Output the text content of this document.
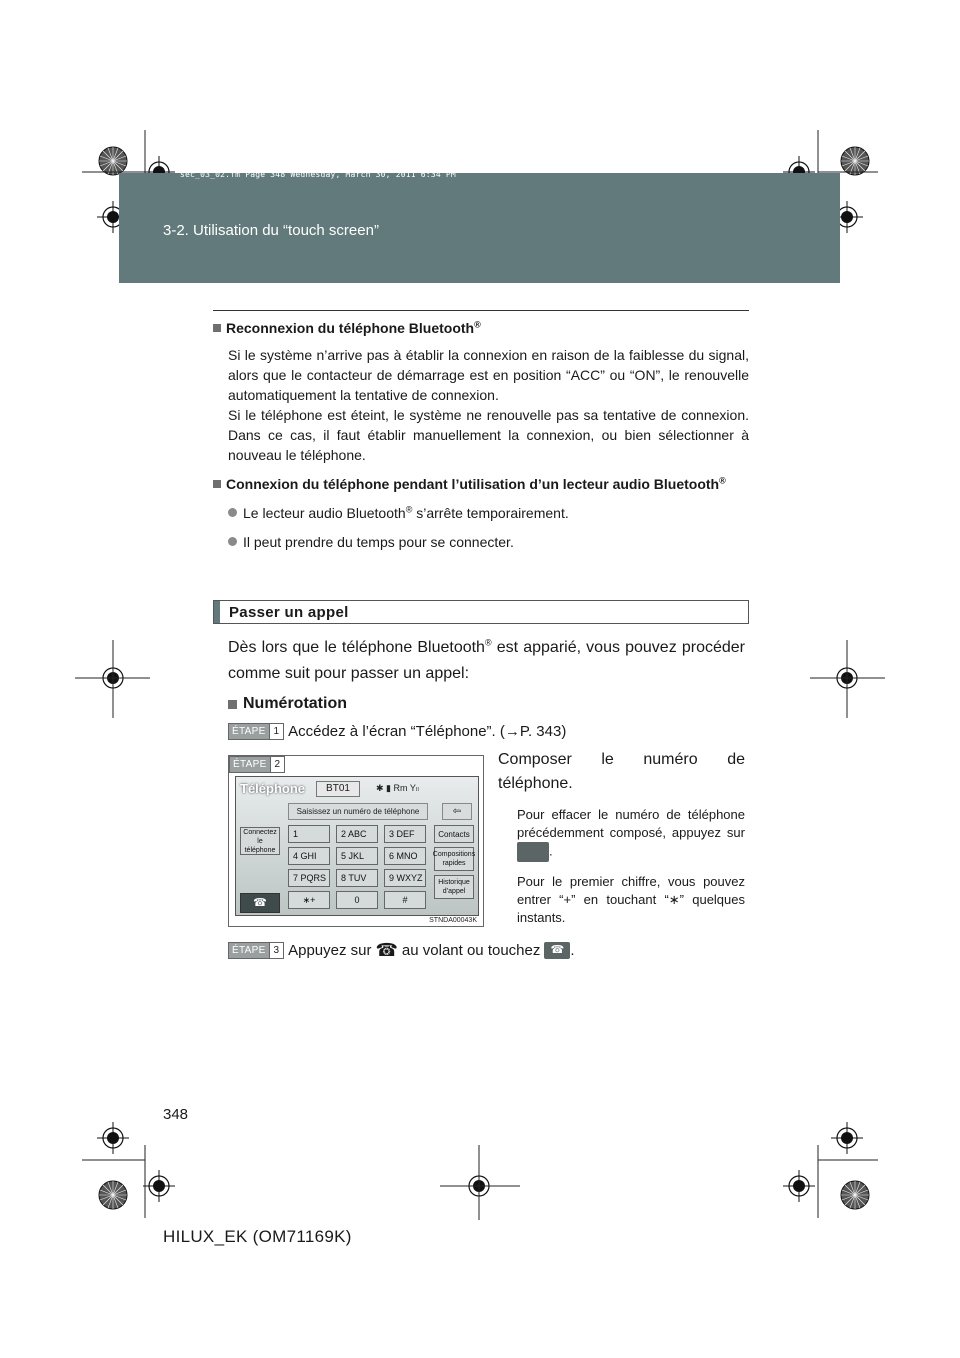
sec_03_02.fm Page 348 Wednesday, March 30, 2011 6:34 PM
3-2. Utilisation du “touch screen”
Reconnexion du téléphone Bluetooth®
Si le système n’arrive pas à établir la connexion en raison de la faiblesse du signal, alors que le contacteur de démarrage est en position “ACC” ou “ON”, le renouvelle automatiquement la tentative de connexion.
Si le téléphone est éteint, le système ne renouvelle pas sa tentative de connexion. Dans ce cas, il faut établir manuellement la connexion, ou bien sélectionner à nouveau le téléphone.
Connexion du téléphone pendant l’utilisation d’un lecteur audio Bluetooth®
Le lecteur audio Bluetooth® s’arrête temporairement.
Il peut prendre du temps pour se connecter.
Passer un appel
Dès lors que le téléphone Bluetooth® est apparié, vous pouvez procéder comme suit pour passer un appel:
Numérotation
ÉTAPE 1 Accédez à l’écran “Téléphone”. (→P. 343)
ÉTAPE 2
Téléphone	BT01	✱ ▮ Rm Yₗₗ
Saisissez un numéro de téléphone	⇦
Connectez le téléphone
1	2 ABC	3 DEF
4 GHI	5 JKL	6 MNO
7 PQRS	8 TUV	9 WXYZ
∗+	0	#
Contacts
Compositions rapides
Historique d’appel
☎
STNDA00043K
Composer le numéro de téléphone.
Pour effacer le numéro de téléphone précédemment composé, appuyez sur .
Pour le premier chiffre, vous pouvez entrer “+” en touchant “∗” quelques instants.
ÉTAPE 3 Appuyez sur ☎ au volant ou touchez ☎ .
348
HILUX_EK (OM71169K)
